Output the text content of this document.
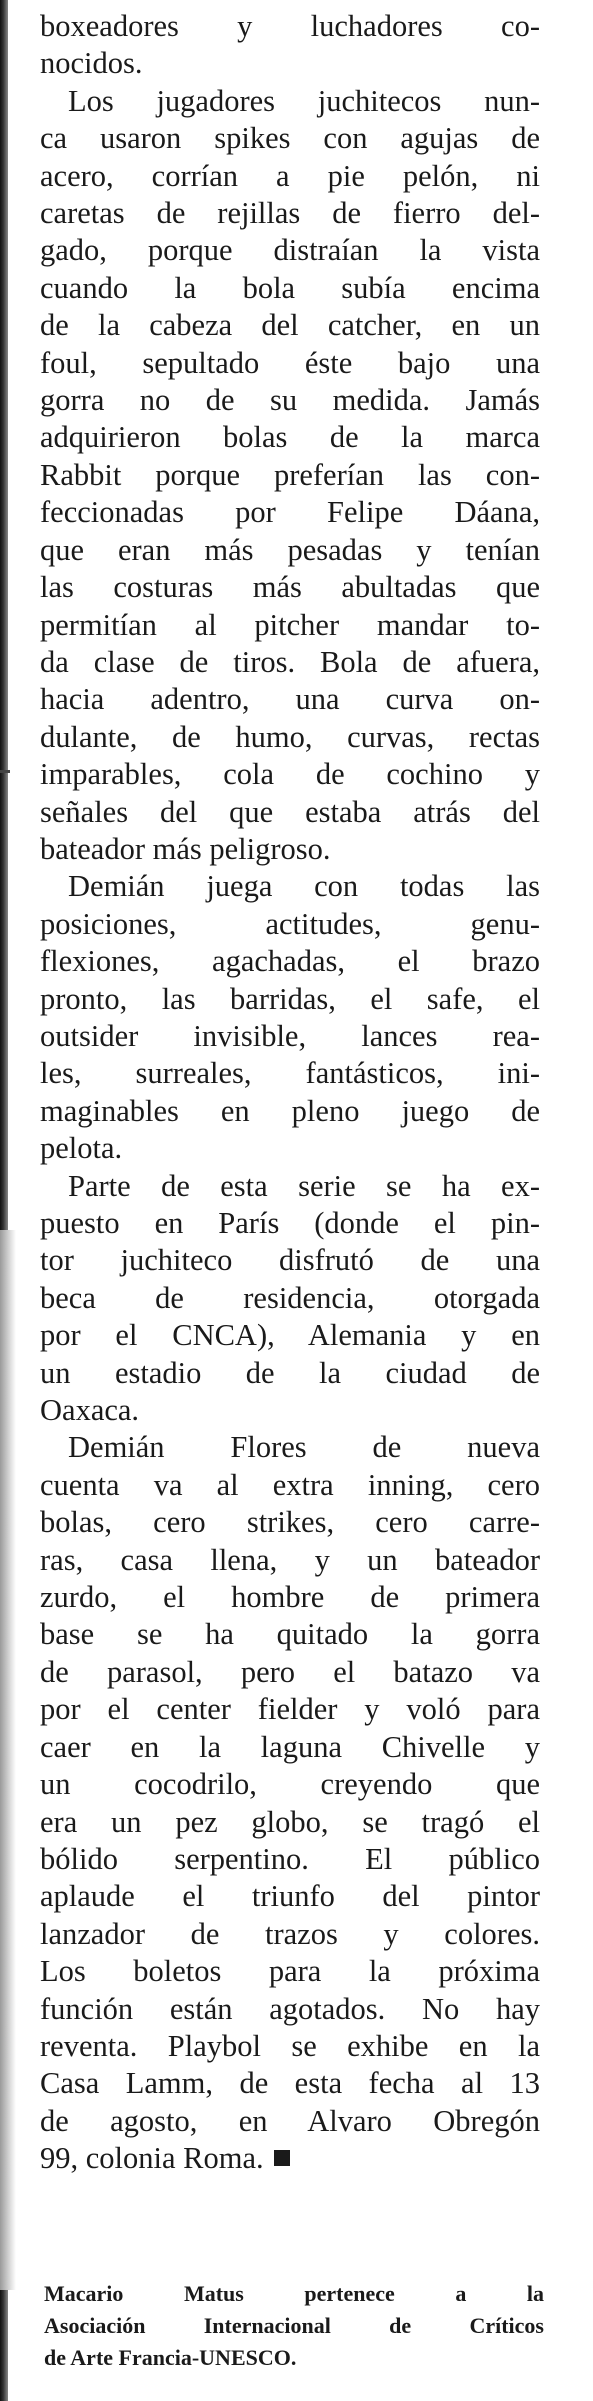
boxeadores y luchadores co-
nocidos.
Los jugadores juchitecos nun-
ca usaron spikes con agujas de
acero, corrían a pie pelón, ni
caretas de rejillas de fierro del-
gado, porque distraían la vista
cuando la bola subía encima
de la cabeza del catcher, en un
foul, sepultado éste bajo una
gorra no de su medida. Jamás
adquirieron bolas de la marca
Rabbit porque preferían las con-
feccionadas por Felipe Dáana,
que eran más pesadas y tenían
las costuras más abultadas que
permitían al pitcher mandar to-
da clase de tiros. Bola de afuera,
hacia adentro, una curva on-
dulante, de humo, curvas, rectas
imparables, cola de cochino y
señales del que estaba atrás del
bateador más peligroso.
Demián juega con todas las
posiciones, actitudes, genu-
flexiones, agachadas, el brazo
pronto, las barridas, el safe, el
outsider invisible, lances rea-
les, surreales, fantásticos, ini-
maginables en pleno juego de
pelota.
Parte de esta serie se ha ex-
puesto en París (donde el pin-
tor juchiteco disfrutó de una
beca de residencia, otorgada
por el CNCA), Alemania y en
un estadio de la ciudad de
Oaxaca.
Demián Flores de nueva
cuenta va al extra inning, cero
bolas, cero strikes, cero carre-
ras, casa llena, y un bateador
zurdo, el hombre de primera
base se ha quitado la gorra
de parasol, pero el batazo va
por el center fielder y voló para
caer en la laguna Chivelle y
un cocodrilo, creyendo que
era un pez globo, se tragó el
bólido serpentino. El público
aplaude el triunfo del pintor
lanzador de trazos y colores.
Los boletos para la próxima
función están agotados. No hay
reventa. Playbol se exhibe en la
Casa Lamm, de esta fecha al 13
de agosto, en Alvaro Obregón
99, colonia Roma.
Macario Matus pertenece a la
Asociación Internacional de Críticos
de Arte Francia-UNESCO.
